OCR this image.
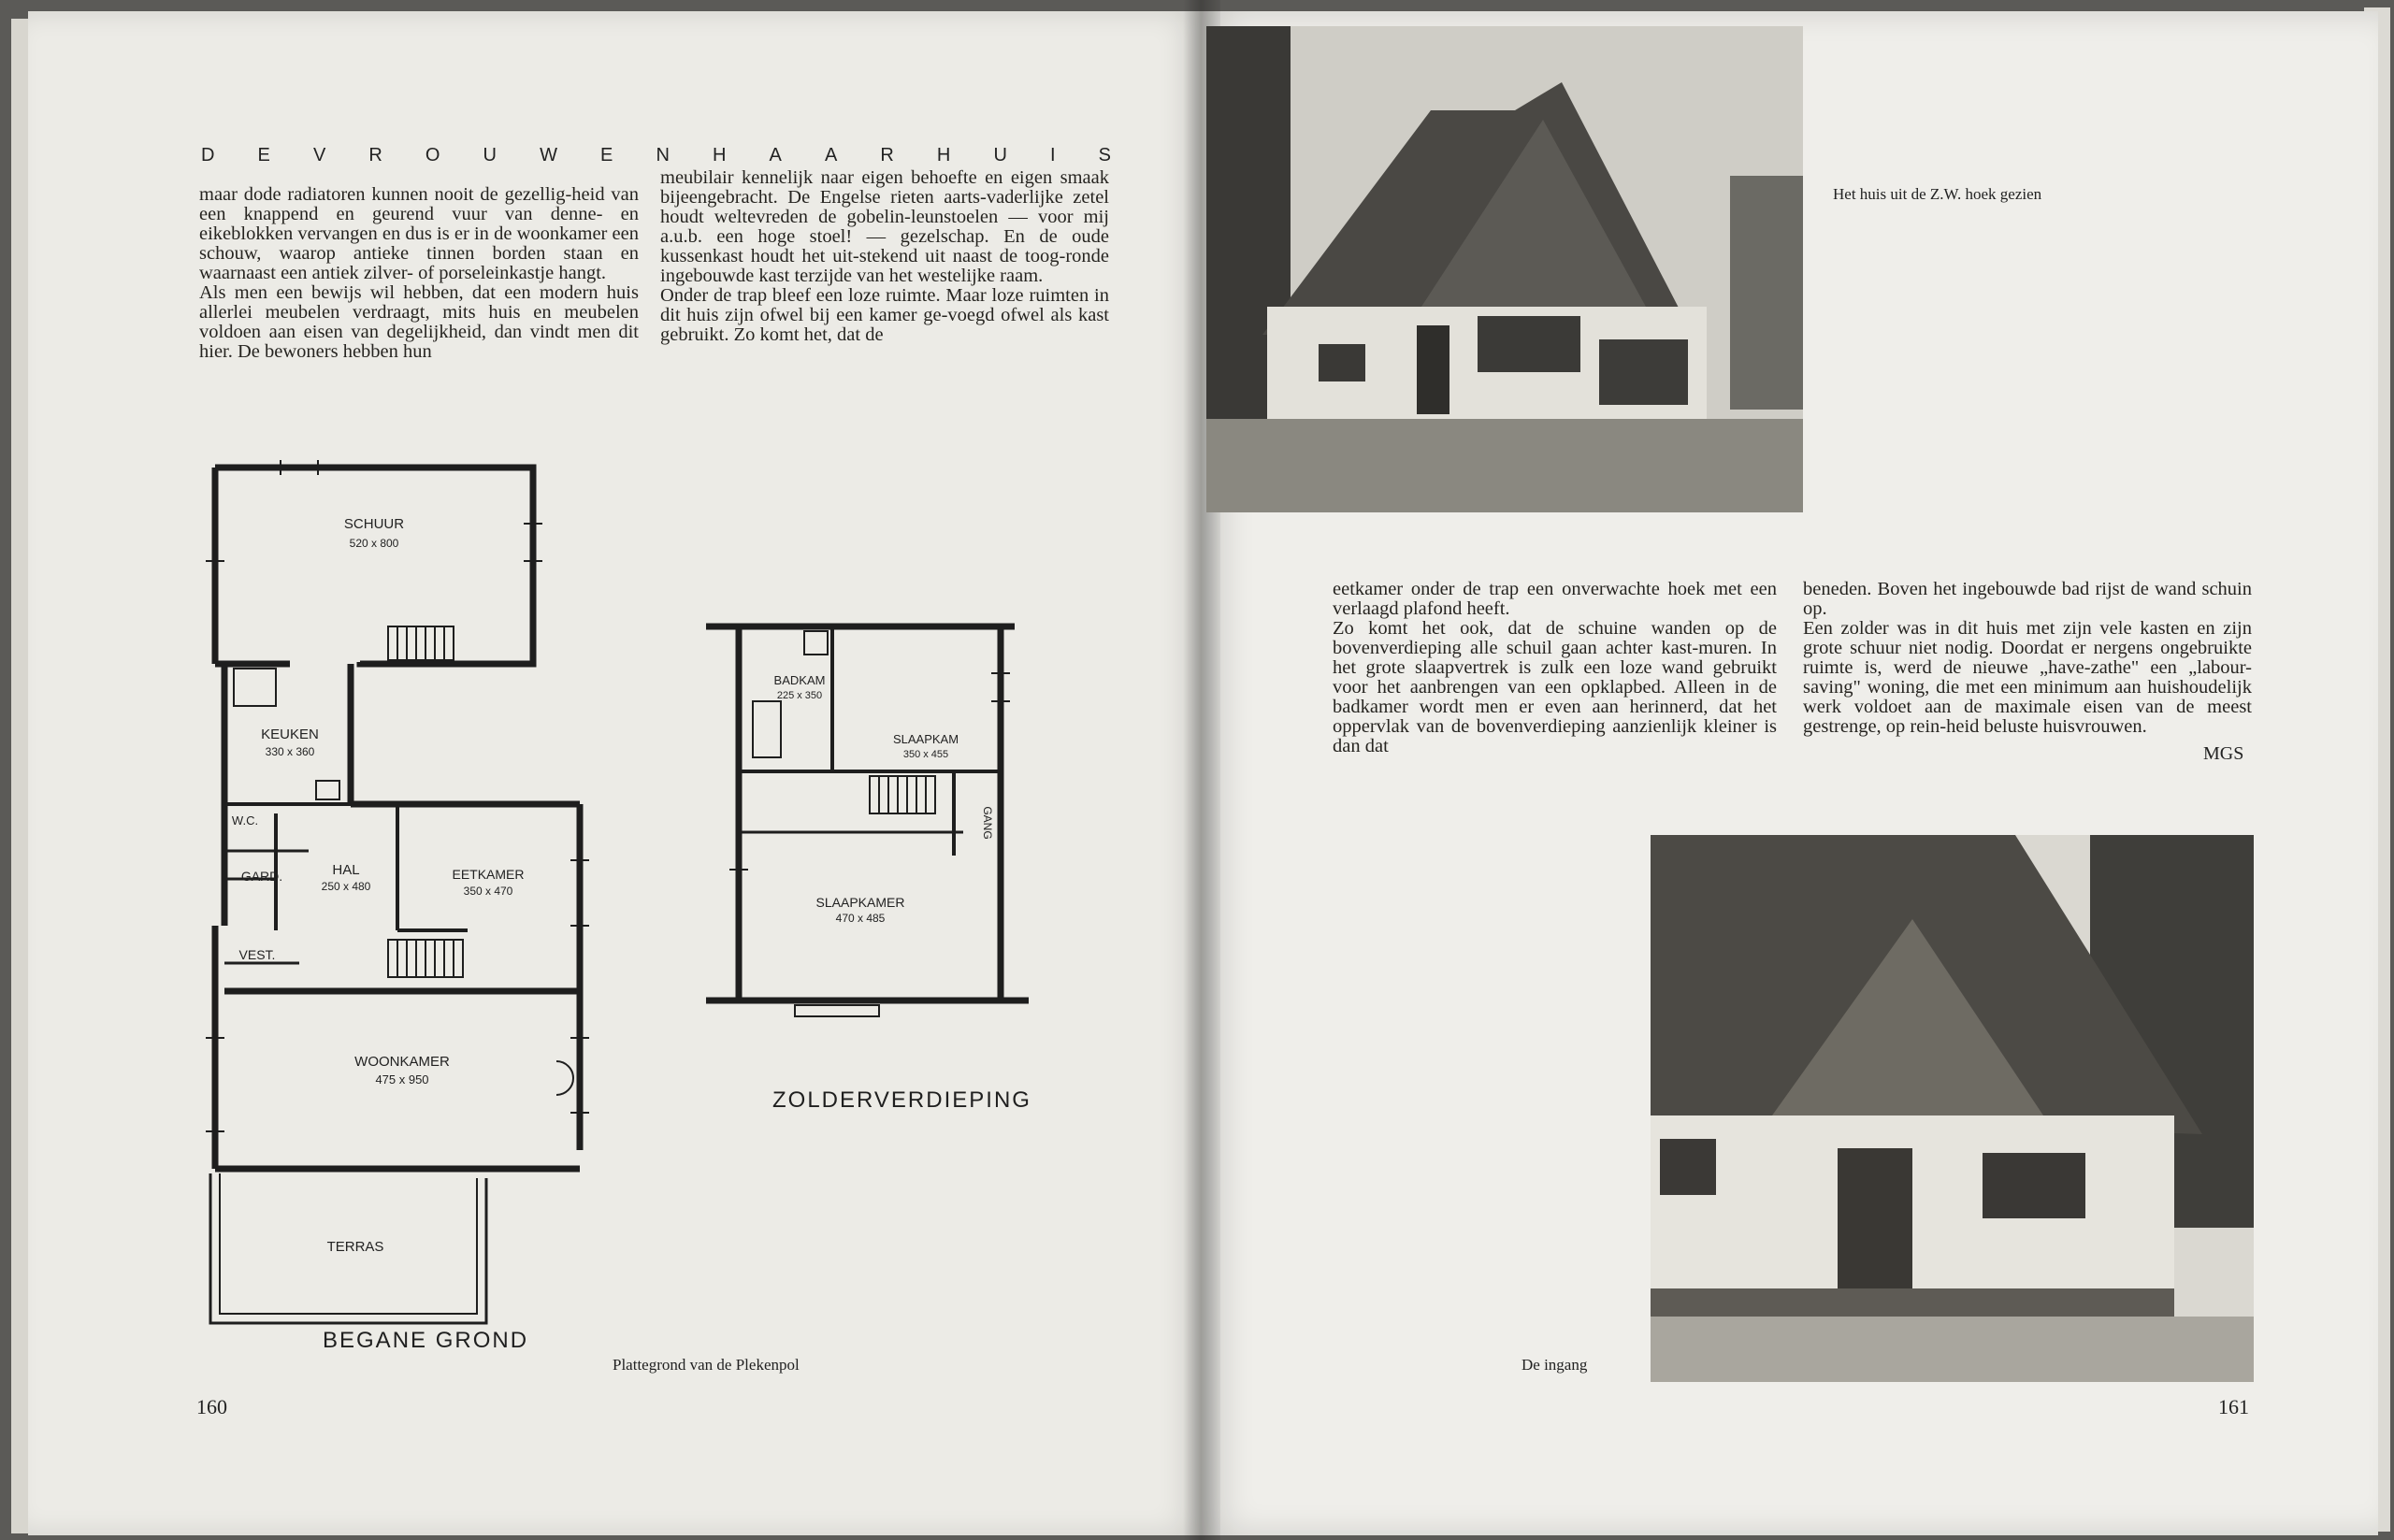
D E V R O U W E N H A A R H U I S

maar dode radiatoren kunnen nooit de gezellig-heid van een knappend en geurend vuur van denne- en eikeblokken vervangen en dus is er in de woonkamer een schouw, waarop antieke tinnen borden staan en waarnaast een antiek zilver- of porseleinkastje hangt.

Als men een bewijs wil hebben, dat een modern huis allerlei meubelen verdraagt, mits huis en meubelen voldoen aan eisen van degelijkheid, dan vindt men dit hier. De bewoners hebben hun

meubilair kennelijk naar eigen behoefte en eigen smaak bijeengebracht. De Engelse rieten aarts-vaderlijke zetel houdt weltevreden de gobelin-leunstoelen — voor mij a.u.b. een hoge stoel! — gezelschap. En de oude kussenkast houdt het uit-stekend uit naast de toog-ronde ingebouwde kast terzijde van het westelijke raam.

Onder de trap bleef een loze ruimte. Maar loze ruimten in dit huis zijn ofwel bij een kamer ge-voegd ofwel als kast gebruikt. Zo komt het, dat de

SCHUUR
520 x 800
KEUKEN
330 x 360
W.C.
GARD.	HAL
250 x 480
EETKAMER
350 x 470
VEST.
WOONKAMER
475 x 950
TERRAS
BADKAM
225 x 350
SLAAPKAM
350 x 455
GANG
SLAAPKAMER
470 x 485
BEGANE GROND
ZOLDERVERDIEPING
Plattegrond van de Plekenpol
160
Het huis uit de Z.W. hoek gezien

eetkamer onder de trap een onverwachte hoek met een verlaagd plafond heeft.

Zo komt het ook, dat de schuine wanden op de bovenverdieping alle schuil gaan achter kast-muren. In het grote slaapvertrek is zulk een loze wand gebruikt voor het aanbrengen van een opklapbed. Alleen in de badkamer wordt men er even aan herinnerd, dat het oppervlak van de bovenverdieping aanzienlijk kleiner is dan dat

beneden. Boven het ingebouwde bad rijst de wand schuin op.

Een zolder was in dit huis met zijn vele kasten en zijn grote schuur niet nodig. Doordat er nergens ongebruikte ruimte is, werd de nieuwe „have-zathe" een „labour-saving" woning, die met een minimum aan huishoudelijk werk voldoet aan de maximale eisen van de meest gestrenge, op rein-heid beluste huisvrouwen.

MGS
De ingang
161
